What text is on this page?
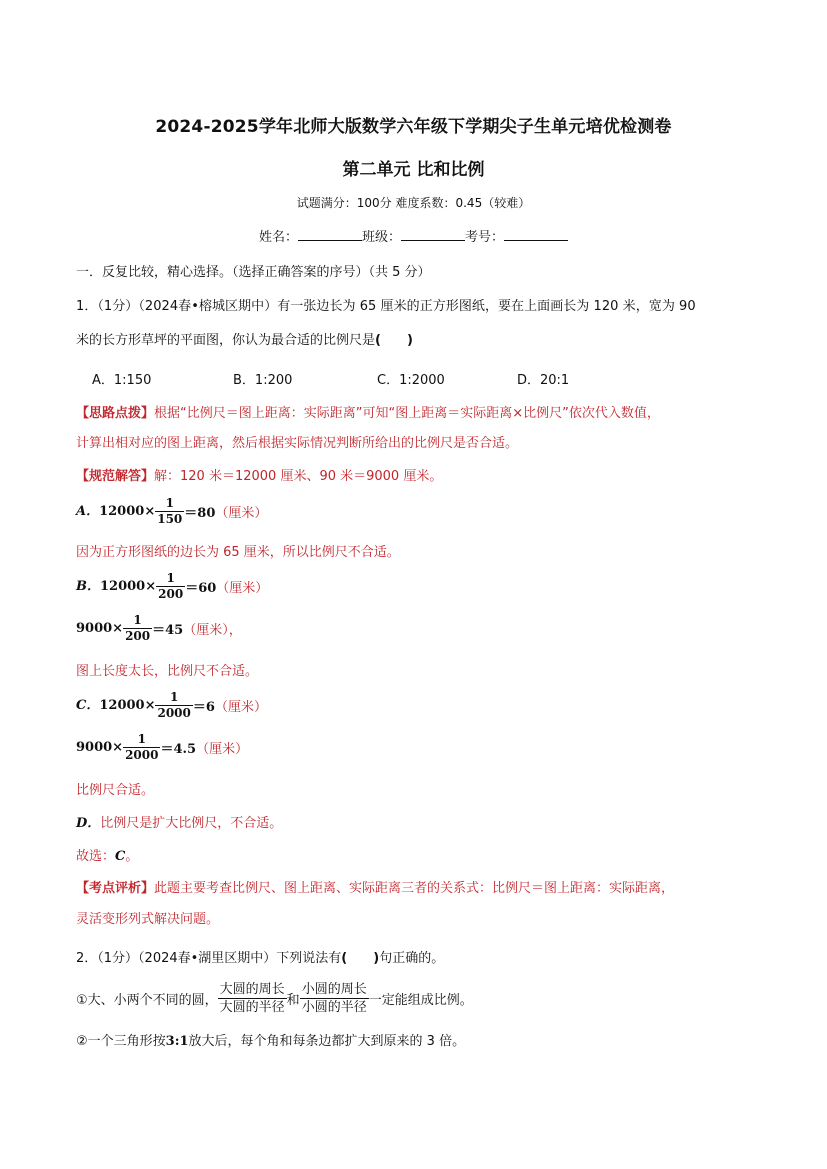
2024-2025学年北师大版数学六年级下学期尖子生单元培优检测卷
第二单元 比和比例
试题满分：100分 难度系数：0.45（较难）
姓名：	班级：	考号：
一．反复比较，精心选择。（选择正确答案的序号）（共 5 分）
1．（1分）（2024春•榕城区期中）有一张边长为 65 厘米的正方形图纸，要在上面画长为 120 米，宽为 90
米的长方形草坪的平面图，你认为最合适的比例尺是(　　)
A．1:150	B．1:200	C．1:2000	D．20:1
【思路点拨】根据“比例尺＝图上距离：实际距离”可知“图上距离＝实际距离×比例尺”依次代入数值，
计算出相对应的图上距离，然后根据实际情况判断所给出的比例尺是否合适。
【规范解答】解：120 米＝12000 厘米、90 米＝9000 厘米。
A．$12000\times \frac{1}{150} =80$（厘米）
因为正方形图纸的边长为 65 厘米，所以比例尺不合适。
B．$12000\times \frac{1}{200} =60$（厘米）
$9000\times \frac{1}{200} =45$（厘米），
图上长度太长，比例尺不合适。
C．$12000\times \frac{1}{2000} =6$（厘米）
$9000\times \frac{1}{2000} =4.5$（厘米）
比例尺合适。
D．比例尺是扩大比例尺，不合适。
故选：C。
【考点评析】此题主要考查比例尺、图上距离、实际距离三者的关系式：比例尺＝图上距离：实际距离，
灵活变形列式解决问题。
2．（1分）（2024春•湖里区期中）下列说法有(　　)句正确的。
①大、小两个不同的圆， $\frac{\text{大圆的周长}}{\text{大圆的半径}}$ 和 $\frac{\text{小圆的周长}}{\text{小圆的半径}}$ 一定能组成比例。
②一个三角形按3:1放大后，每个角和每条边都扩大到原来的 3 倍。
